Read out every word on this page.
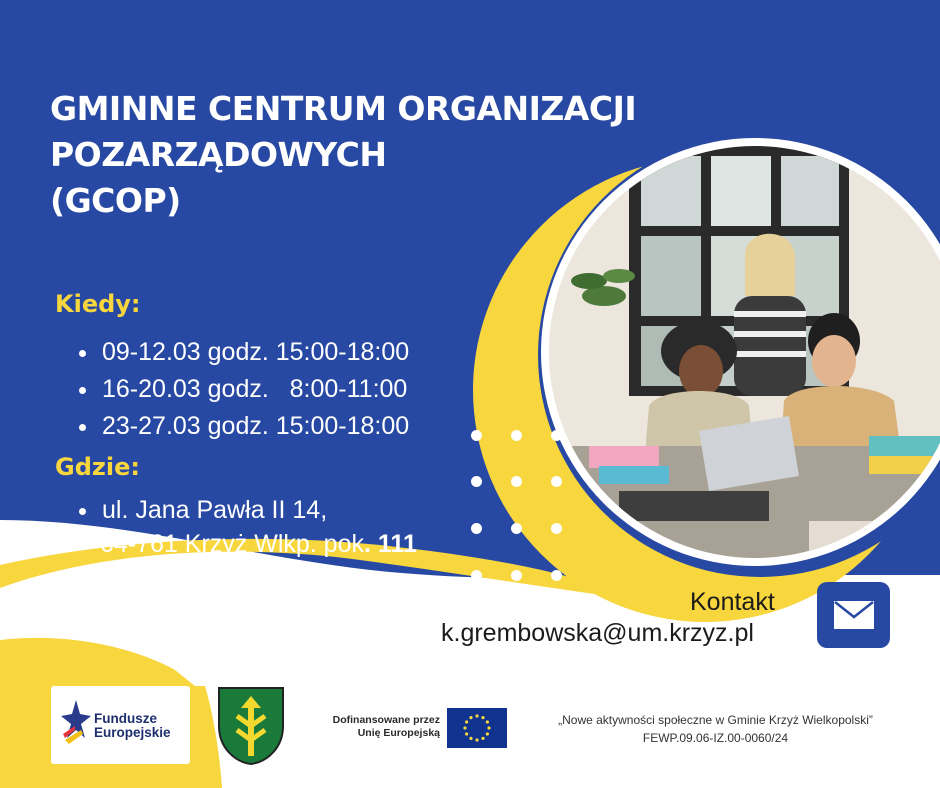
GMINNE CENTRUM ORGANIZACJI
POZARZĄDOWYCH
(GCOP)
Kiedy:
09-12.03 godz. 15:00-18:00
16-20.03 godz.   8:00-11:00
23-27.03 godz. 15:00-18:00
Gdzie:
ul. Jana Pawła II 14,
64-761 Krzyż Wlkp. pok. 111
Kontakt
k.grembowska@um.krzyz.pl
Fundusze
Europejskie
Dofinansowane przez
Unię Europejską
„Nowe aktywności społeczne w Gminie Krzyż Wielkopolski”
FEWP.09.06-IZ.00-0060/24
